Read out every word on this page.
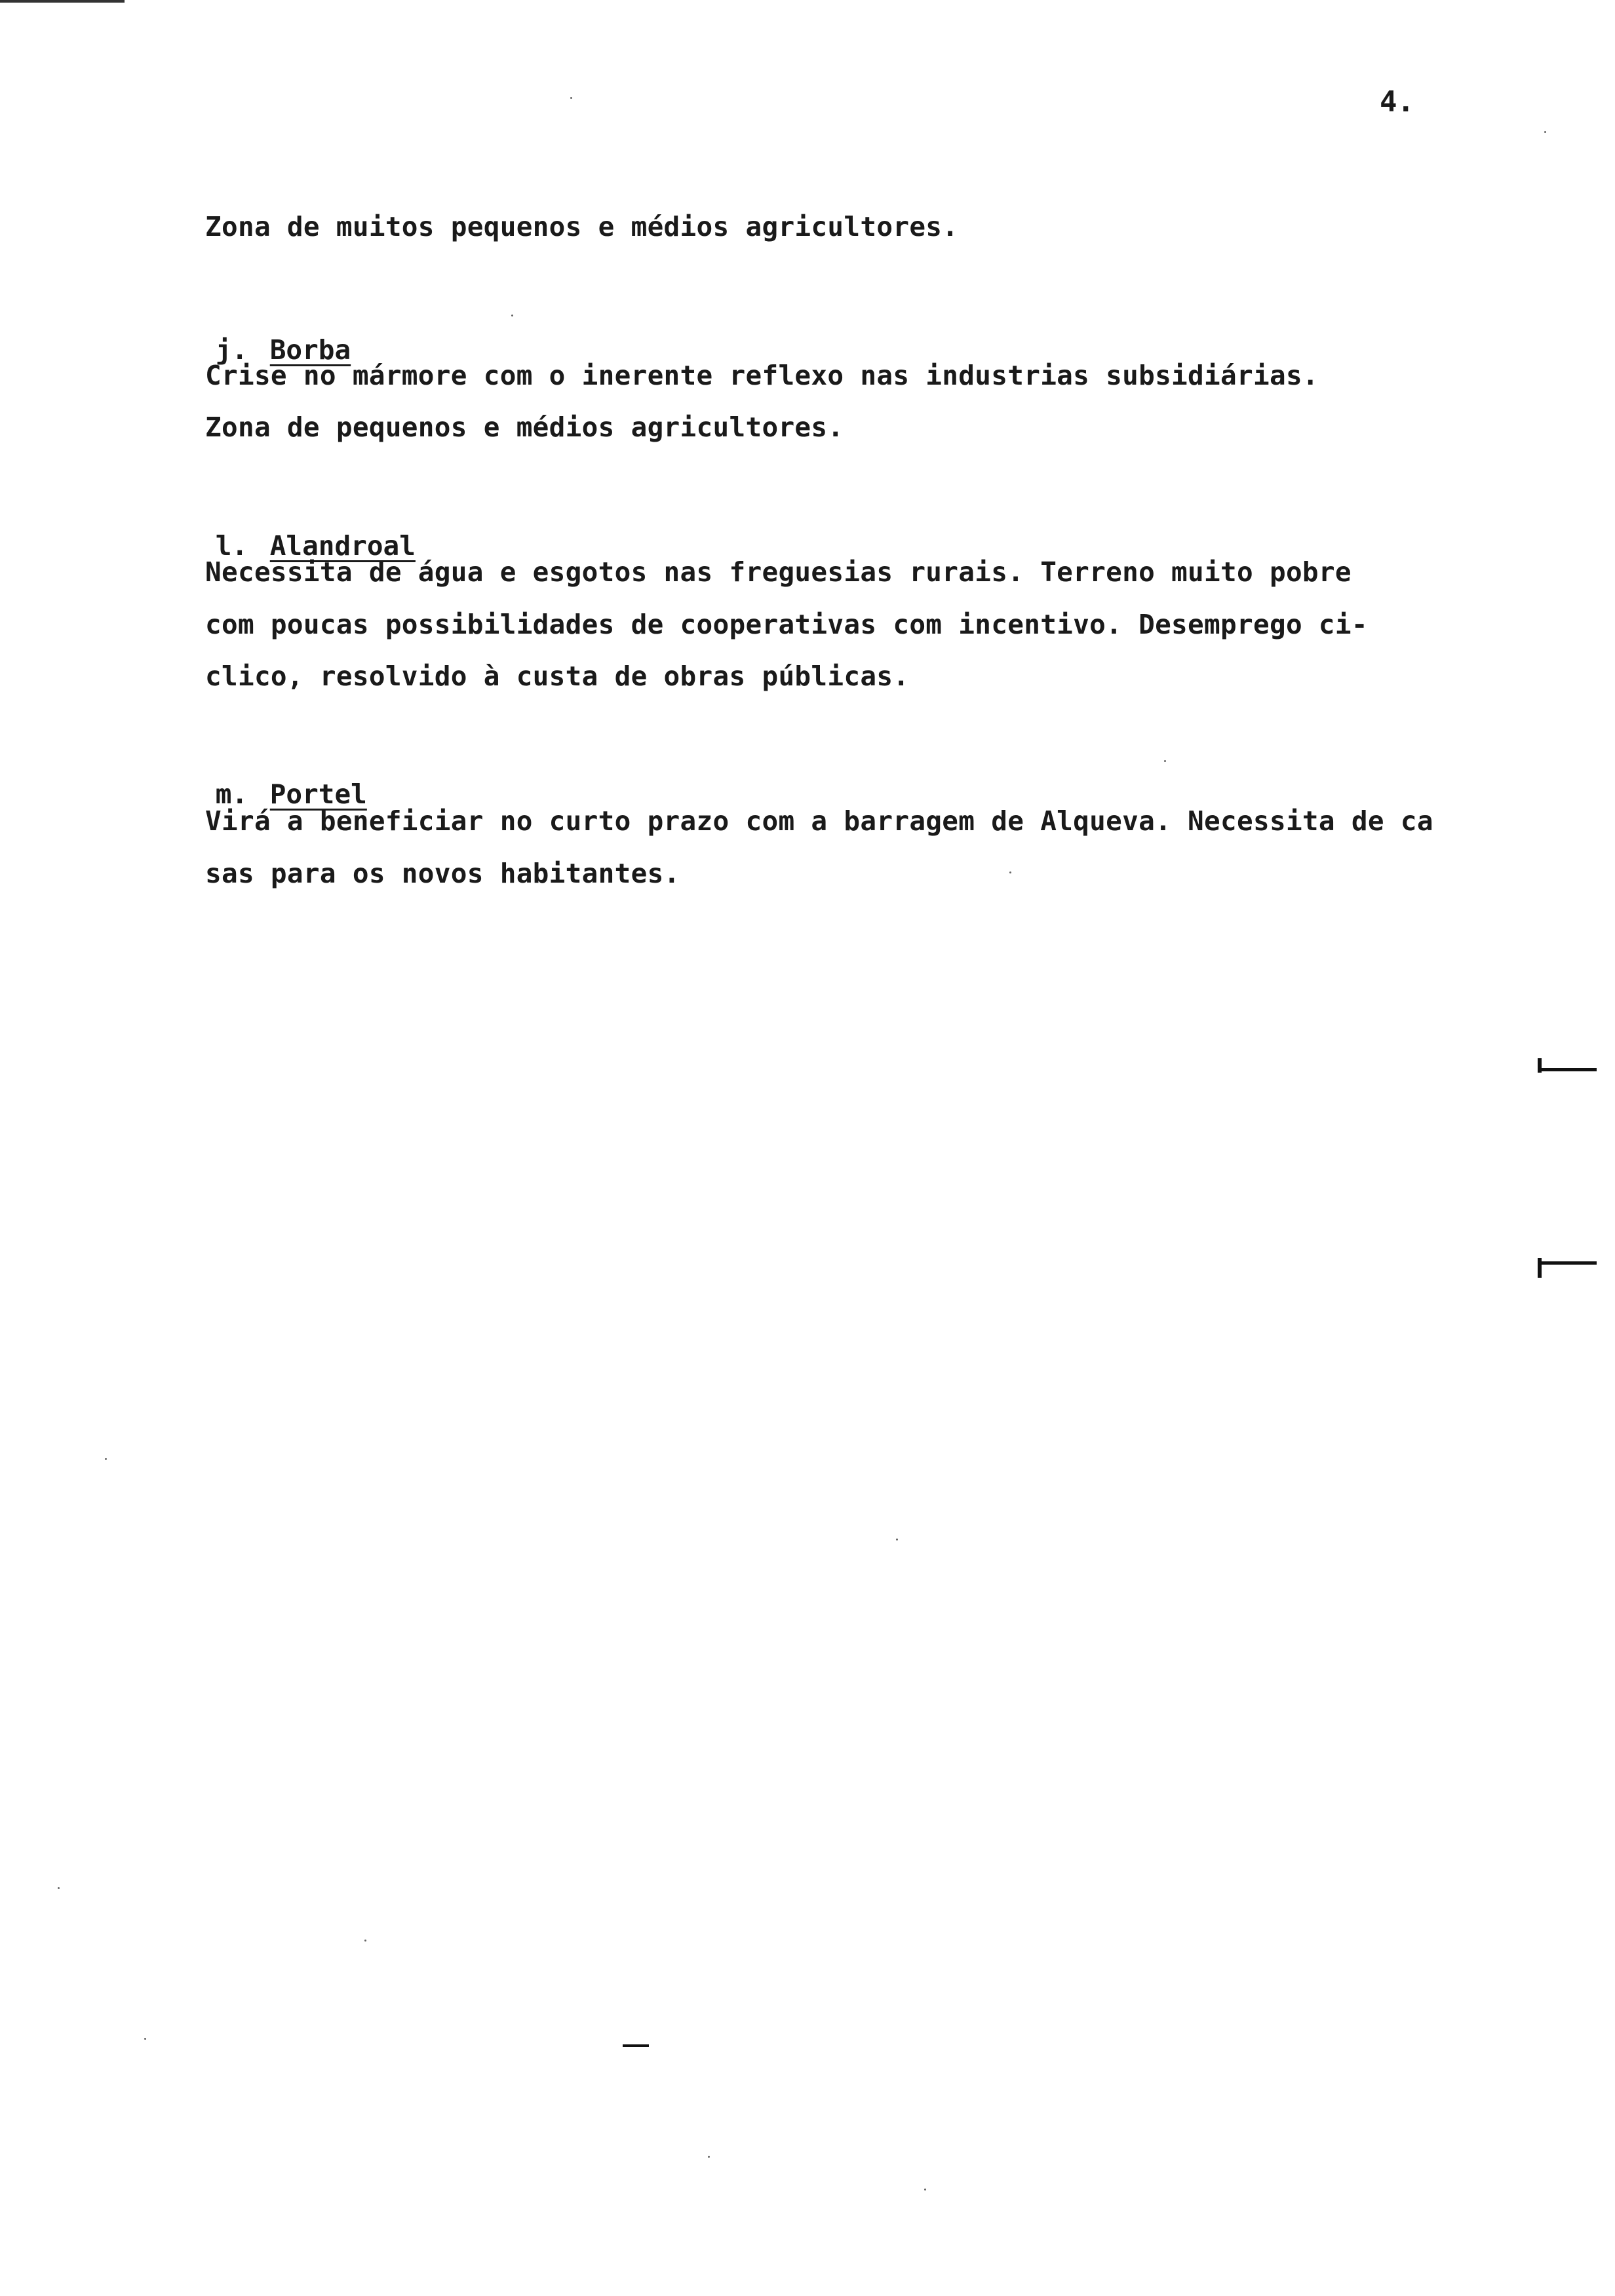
4.
Zona de muitos pequenos e médios agricultores.

j. Borba

Crise no mármore com o inerente reflexo nas industrias subsidiárias.
Zona de pequenos e médios agricultores.

l. Alandroal

Necessita de água e esgotos nas freguesias rurais. Terreno muito pobre
com poucas possibilidades de cooperativas com incentivo. Desemprego ci-
clico, resolvido à custa de obras públicas.

m. Portel

Virá a beneficiar no curto prazo com a barragem de Alqueva. Necessita de ca
sas para os novos habitantes.
